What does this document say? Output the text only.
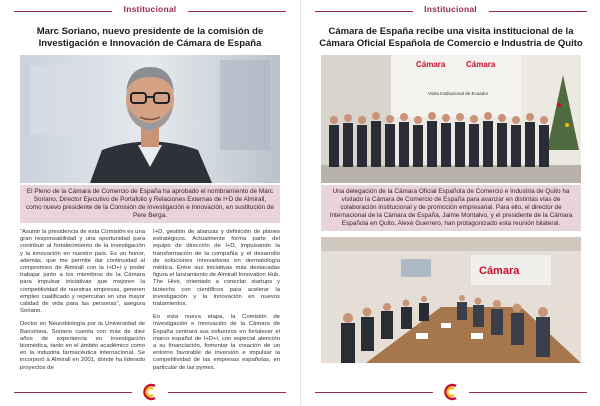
Institucional
Marc Soriano, nuevo presidente de la comisión de Investigación e Innovación de Cámara de España
El Pleno de la Cámara de Comercio de España ha aprobado el nombramiento de Marc Soriano, Director Ejecutivo de Portafolio y Relaciones Externas de I+D de Almirall, como nuevo presidente de la Comisión de Investigación e Innovación, en sustitución de Pere Berga.

“Asumir la presidencia de esta Comisión es una gran responsabilidad y una oportunidad para contribuir al fortalecimiento de la investigación y la innovación en nuestro país. Es un honor, además, que me permite dar continuidad al compromiso de Almirall con la I+D+i y poder trabajar junto a los miembros de la Cámara para impulsar iniciativas que mejoren la competitividad de nuestras empresas, generen empleo cualificado y repercutan en una mayor calidad de vida para las personas”, asegura Soriano.

Doctor en Neurobiología por la Universidad de Barcelona, Soriano cuenta con más de diez años de experiencia en investigación biomédica, tanto en el ámbito académico como en la industria farmacéutica internacional. Se incorporó a Almirall en 2001, donde ha liderado proyectos de

I+D, gestión de alianzas y definición de planes estratégicos. Actualmente forma parte del equipo de dirección de I+D, impulsando la transformación de la compañía y el desarrollo de soluciones innovadoras en dermatología médica. Entre sus iniciativas más destacadas figura el lanzamiento de Almirall Innovation Hub, The Hive, orientado a conectar startups y biotechs con científicos para acelerar la investigación y la innovación en nuevos tratamientos.

En esta nueva etapa, la Comisión de Investigación e Innovación de la Cámara de España centrará sus esfuerzos en fortalecer el marco español de I+D+i, con especial atención a su financiación, fomentar la creación de un entorno favorable de inversión e impulsar la competitividad de las empresas españolas, en particular de las pymes.

Institucional
Cámara de España recibe una visita institucional de la Cámara Oficial Española de Comercio e Industria de Quito
Cámara	Cámara
Visita Institucional de Ecuador
Una delegación de la Cámara Oficial Española de Comercio e Industria de Quito ha visitado la Cámara de Comercio de España para avanzar en distintas vías de colaboración institucional y de promoción empresarial. Para ello, el director de Internacional de la Cámara de España, Jaime Montalvo, y el presidente de la Cámara Española en Quito, Alexé Guerrero, han protagonizado esta reunión bilateral.
Cámara
